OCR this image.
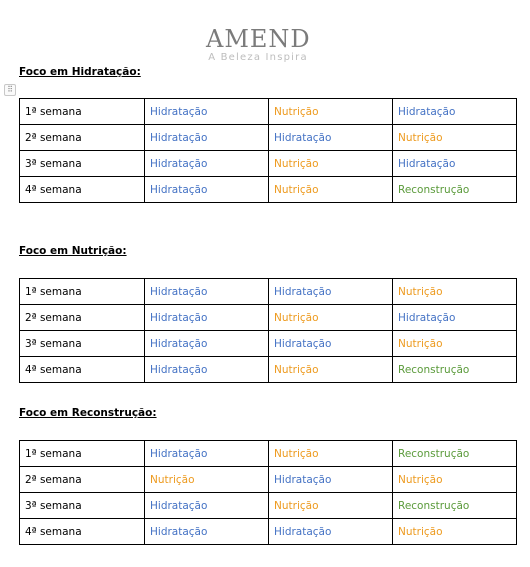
AMEND
A Beleza Inspira
⠿
Foco em Hidratação:
1ª semana	Hidratação	Nutrição	Hidratação
2ª semana	Hidratação	Hidratação	Nutrição
3ª semana	Hidratação	Nutrição	Hidratação
4ª semana	Hidratação	Nutrição	Reconstrução
Foco em Nutrição:
1ª semana	Hidratação	Hidratação	Nutrição
2ª semana	Hidratação	Nutrição	Hidratação
3ª semana	Hidratação	Hidratação	Nutrição
4ª semana	Hidratação	Nutrição	Reconstrução
Foco em Reconstrução:
1ª semana	Hidratação	Nutrição	Reconstrução
2ª semana	Nutrição	Hidratação	Nutrição
3ª semana	Hidratação	Nutrição	Reconstrução
4ª semana	Hidratação	Hidratação	Nutrição
